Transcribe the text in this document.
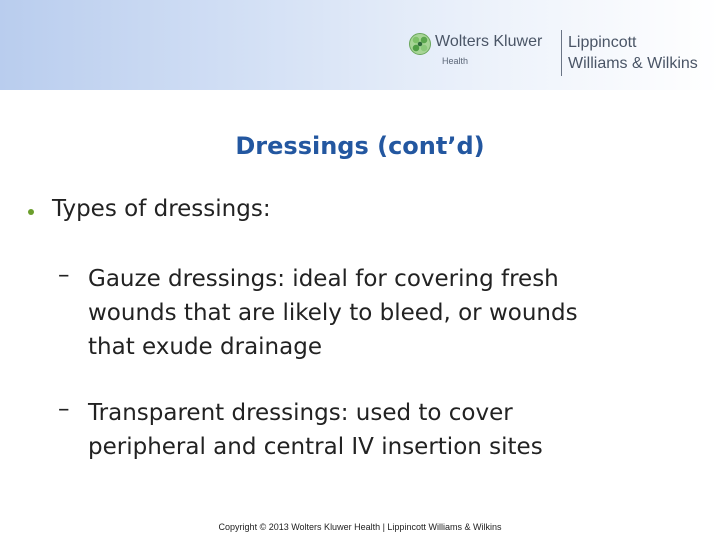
Wolters Kluwer
Health
Lippincott
Williams & Wilkins
Dressings (cont’d)
Types of dressings:
– Gauze dressings: ideal for covering fresh
wounds that are likely to bleed, or wounds
that exude drainage
– Transparent dressings: used to cover
peripheral and central IV insertion sites
Copyright © 2013 Wolters Kluwer Health | Lippincott Williams & Wilkins
